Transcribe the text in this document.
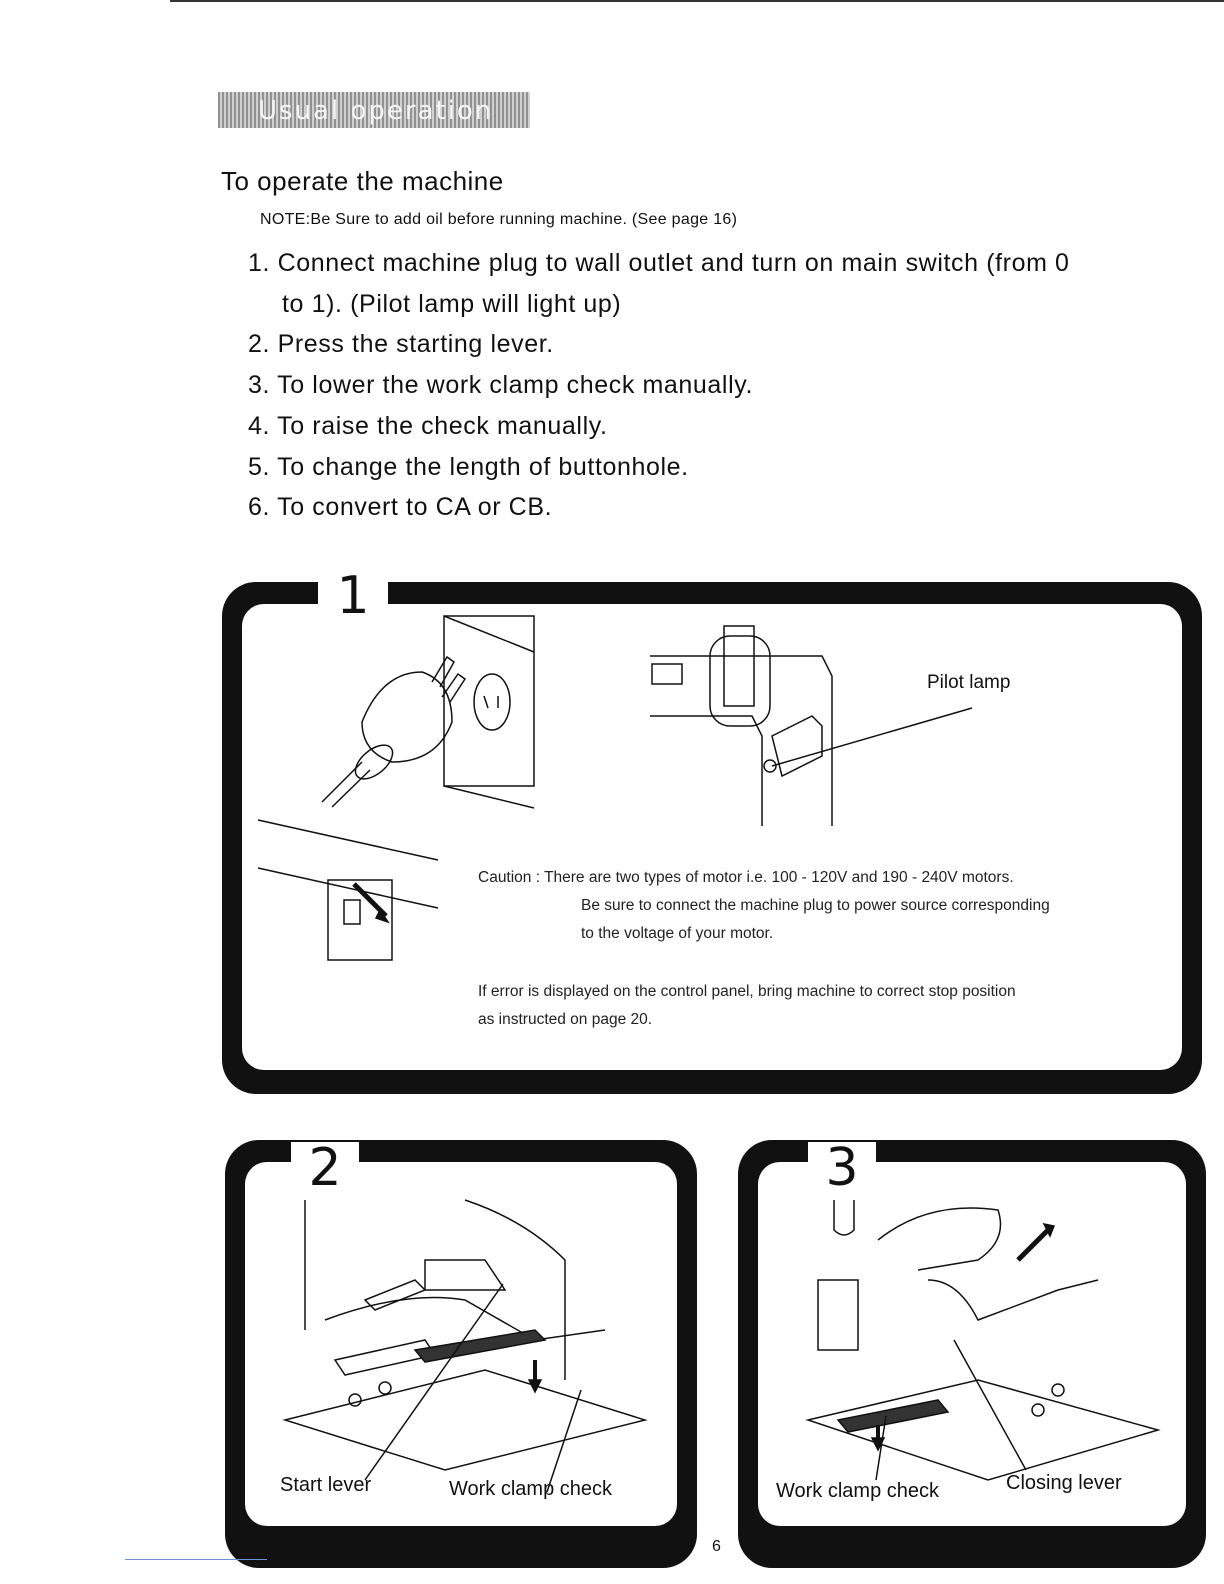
Usual operation
To operate the machine
NOTE:Be Sure to add oil before running machine. (See page 16)
1. Connect machine plug to wall outlet and turn on main switch (from 0
to 1). (Pilot lamp will light up)
2. Press the starting lever.
3. To lower the work clamp check manually.
4. To raise the check manually.
5. To change the length of buttonhole.
6. To convert to CA or CB.
1
Pilot lamp
Caution : There are two types of motor i.e. 100 - 120V and 190 - 240V motors.
Be sure to connect the machine plug to power source corresponding
to the voltage of your motor.
If error is displayed on the control panel, bring machine to correct stop position
as instructed on page 20.
2
Start lever	Work clamp check
3
Work clamp check	Closing lever
6
